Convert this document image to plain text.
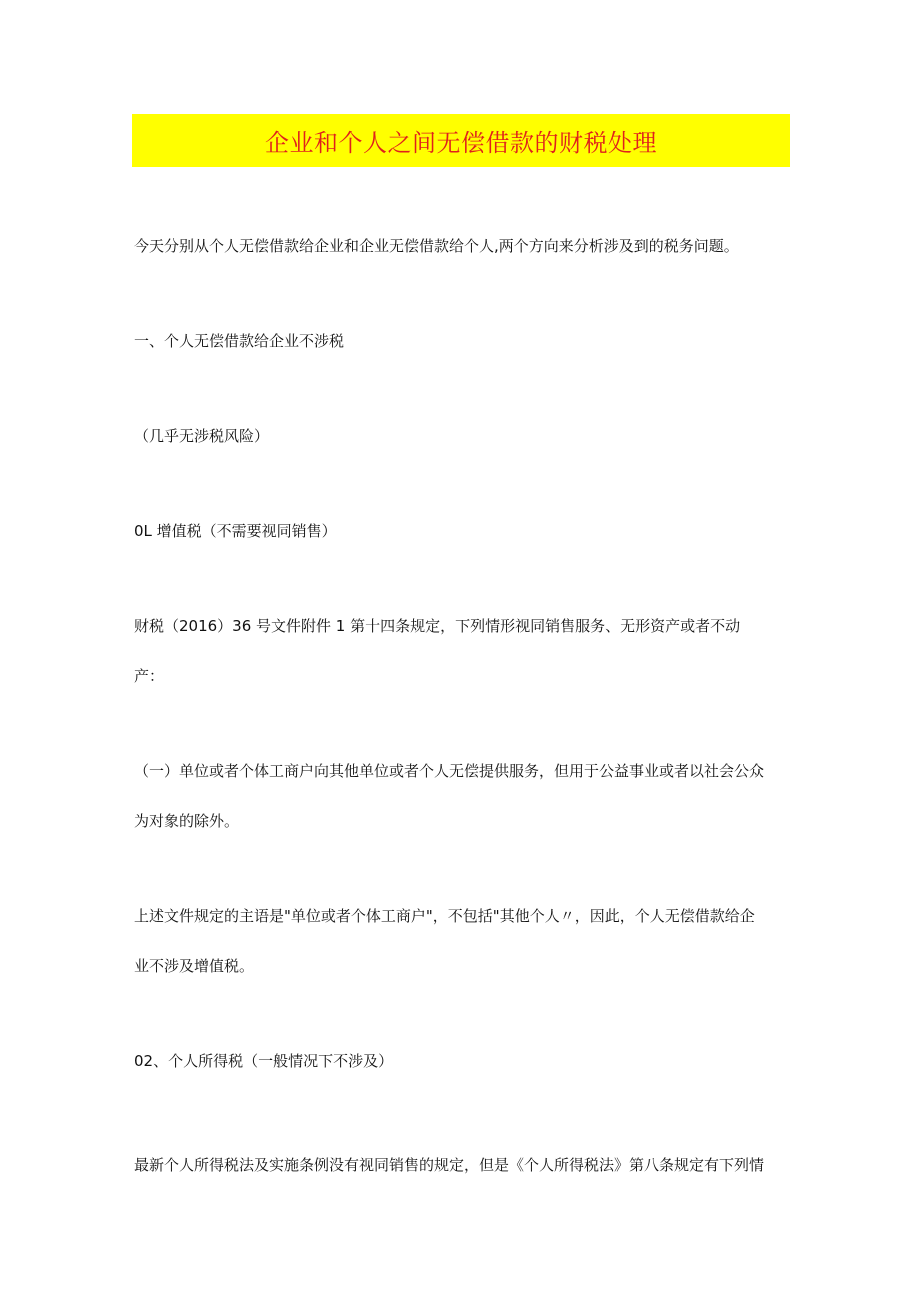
企业和个人之间无偿借款的财税处理
今天分别从个人无偿借款给企业和企业无偿借款给个人,两个方向来分析涉及到的税务问题。
一、个人无偿借款给企业不涉税
（几乎无涉税风险）
0L 增值税（不需要视同销售）
财税（2016）36 号文件附件 1 第十四条规定，下列情形视同销售服务、无形资产或者不动
产：
（一）单位或者个体工商户向其他单位或者个人无偿提供服务，但用于公益事业或者以社会公众
为对象的除外。
上述文件规定的主语是"单位或者个体工商户"，不包括"其他个人〃，因此，个人无偿借款给企
业不涉及增值税。
02、个人所得税（一般情况下不涉及）
最新个人所得税法及实施条例没有视同销售的规定，但是《个人所得税法》第八条规定有下列情
